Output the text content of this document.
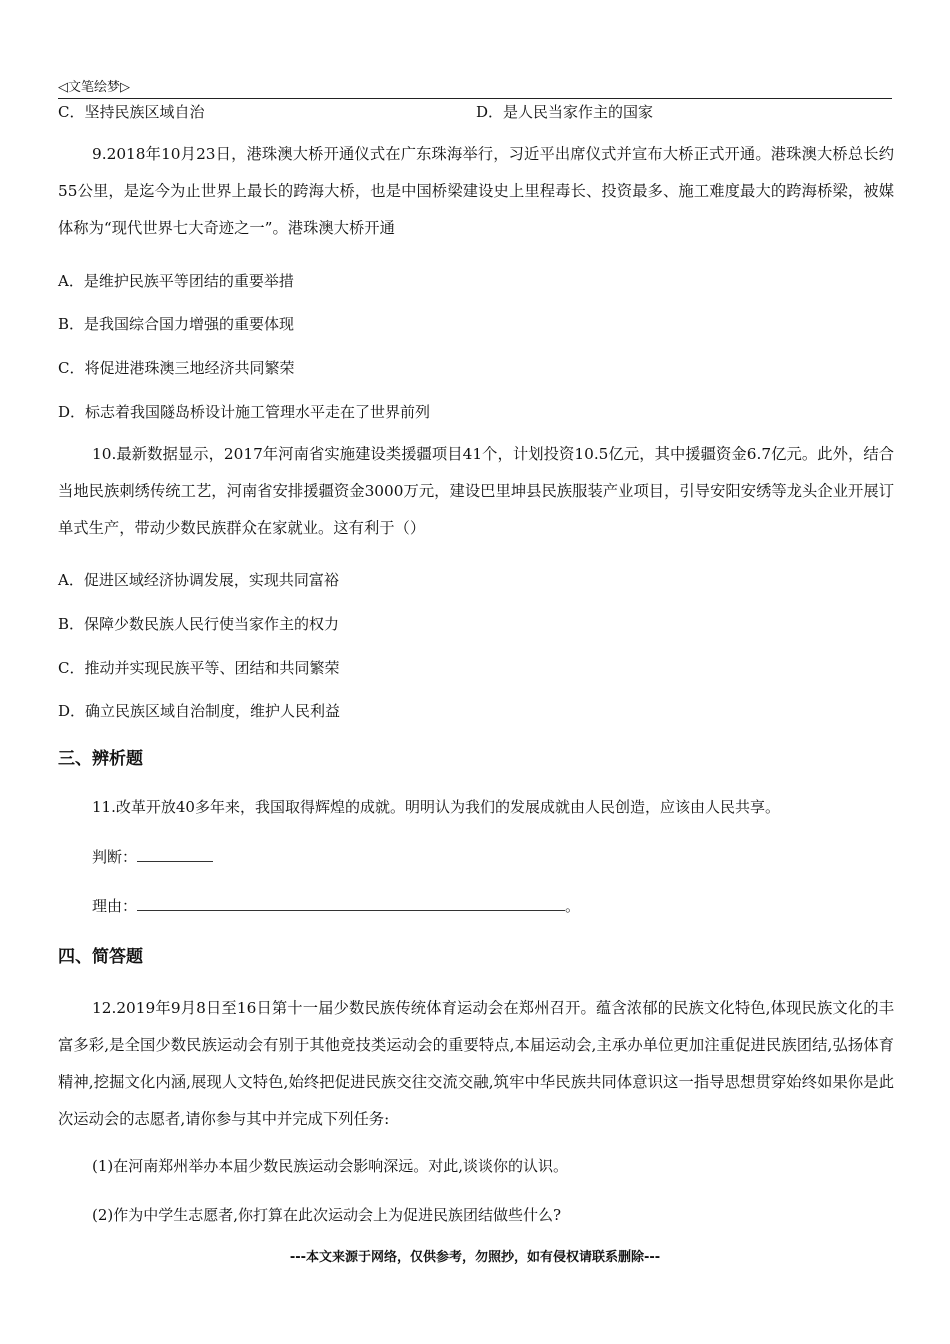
◁文笔绘梦▷
C．坚持民族区域自治	D．是人民当家作主的国家
9.2018年10月23日，港珠澳大桥开通仪式在广东珠海举行，习近平出席仪式并宣布大桥正式开通。港珠澳大桥总长约55公里，是迄今为止世界上最长的跨海大桥，也是中国桥梁建设史上里程毒长、投资最多、施工难度最大的跨海桥梁，被媒体称为“现代世界七大奇迹之一”。港珠澳大桥开通
A．是维护民族平等团结的重要举措
B．是我国综合国力增强的重要体现
C．将促进港珠澳三地经济共同繁荣
D．标志着我国隧岛桥设计施工管理水平走在了世界前列
10.最新数据显示，2017年河南省实施建设类援疆项目41个，计划投资10.5亿元，其中援疆资金6.7亿元。此外，结合当地民族刺绣传统工艺，河南省安排援疆资金3000万元，建设巴里坤县民族服装产业项目，引导安阳安绣等龙头企业开展订单式生产，带动少数民族群众在家就业。这有利于（）
A．促进区域经济协调发展，实现共同富裕
B．保障少数民族人民行使当家作主的权力
C．推动并实现民族平等、团结和共同繁荣
D．确立民族区域自治制度，维护人民利益
三、辨析题
11.改革开放40多年来，我国取得辉煌的成就。明明认为我们的发展成就由人民创造，应该由人民共享。
判断：
理由：	。
四、简答题
12.2019年9月8日至16日第十一届少数民族传统体育运动会在郑州召开。蕴含浓郁的民族文化特色,体现民族文化的丰富多彩,是全国少数民族运动会有别于其他竞技类运动会的重要特点,本届运动会,主承办单位更加注重促进民族团结,弘扬体育精神,挖掘文化内涵,展现人文特色,始终把促进民族交往交流交融,筑牢中华民族共同体意识这一指导思想贯穿始终如果你是此次运动会的志愿者,请你参与其中并完成下列任务:
(1)在河南郑州举办本届少数民族运动会影响深远。对此,谈谈你的认识。
(2)作为中学生志愿者,你打算在此次运动会上为促进民族团结做些什么?
---本文来源于网络，仅供参考，勿照抄，如有侵权请联系删除---
